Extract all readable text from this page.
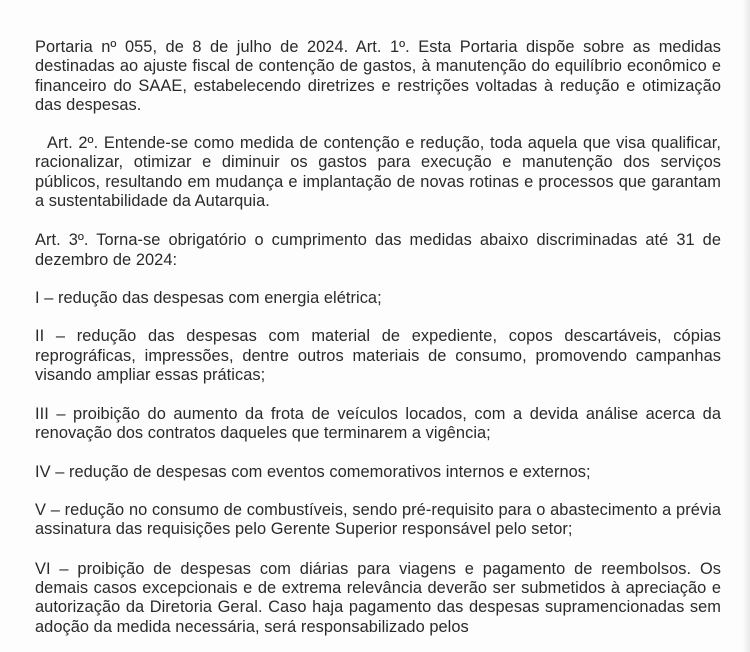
Portaria nº 055, de 8 de julho de 2024. Art. 1º. Esta Portaria dispõe sobre as medidas destinadas ao ajuste fiscal de contenção de gastos, à manutenção do equilíbrio econômico e financeiro do SAAE, estabelecendo diretrizes e restrições voltadas à redução e otimização das despesas.

Art. 2º. Entende-se como medida de contenção e redução, toda aquela que visa qualificar, racionalizar, otimizar e diminuir os gastos para execução e manutenção dos serviços públicos, resultando em mudança e implantação de novas rotinas e processos que garantam a sustentabilidade da Autarquia.

Art. 3º. Torna-se obrigatório o cumprimento das medidas abaixo discriminadas até 31 de dezembro de 2024:

I – redução das despesas com energia elétrica;

II – redução das despesas com material de expediente, copos descartáveis, cópias reprográficas, impressões, dentre outros materiais de consumo, promovendo campanhas visando ampliar essas práticas;

III – proibição do aumento da frota de veículos locados, com a devida análise acerca da renovação dos contratos daqueles que terminarem a vigência;

IV – redução de despesas com eventos comemorativos internos e externos;

V – redução no consumo de combustíveis, sendo pré-requisito para o abastecimento a prévia assinatura das requisições pelo Gerente Superior responsável pelo setor;

VI – proibição de despesas com diárias para viagens e pagamento de reembolsos. Os demais casos excepcionais e de extrema relevância deverão ser submetidos à apreciação e autorização da Diretoria Geral. Caso haja pagamento das despesas supramencionadas sem adoção da medida necessária, será responsabilizado pelos
